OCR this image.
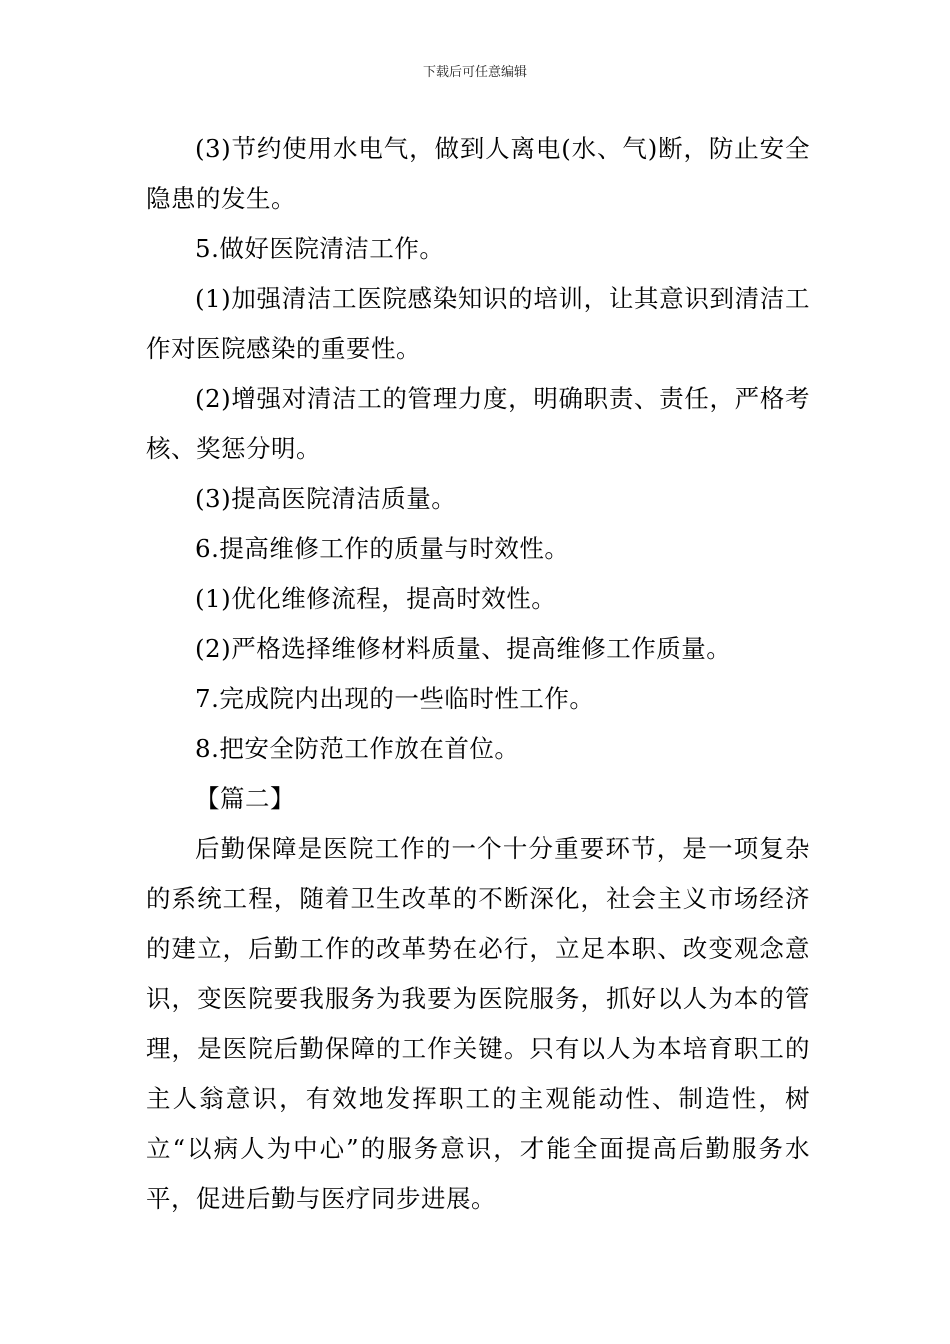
下载后可任意编辑

(3)节约使用水电气，做到人离电(水、气)断，防止安全隐患的发生。

5.做好医院清洁工作。

(1)加强清洁工医院感染知识的培训，让其意识到清洁工作对医院感染的重要性。

(2)增强对清洁工的管理力度，明确职责、责任，严格考核、奖惩分明。

(3)提高医院清洁质量。

6.提高维修工作的质量与时效性。

(1)优化维修流程，提高时效性。

(2)严格选择维修材料质量、提高维修工作质量。

7.完成院内出现的一些临时性工作。

8.把安全防范工作放在首位。

【篇二】

后勤保障是医院工作的一个十分重要环节，是一项复杂的系统工程，随着卫生改革的不断深化，社会主义市场经济的建立，后勤工作的改革势在必行，立足本职、改变观念意识，变医院要我服务为我要为医院服务，抓好以人为本的管理，是医院后勤保障的工作关键。只有以人为本培育职工的主人翁意识，有效地发挥职工的主观能动性、制造性，树立“以病人为中心”的服务意识，才能全面提高后勤服务水平，促进后勤与医疗同步进展。
